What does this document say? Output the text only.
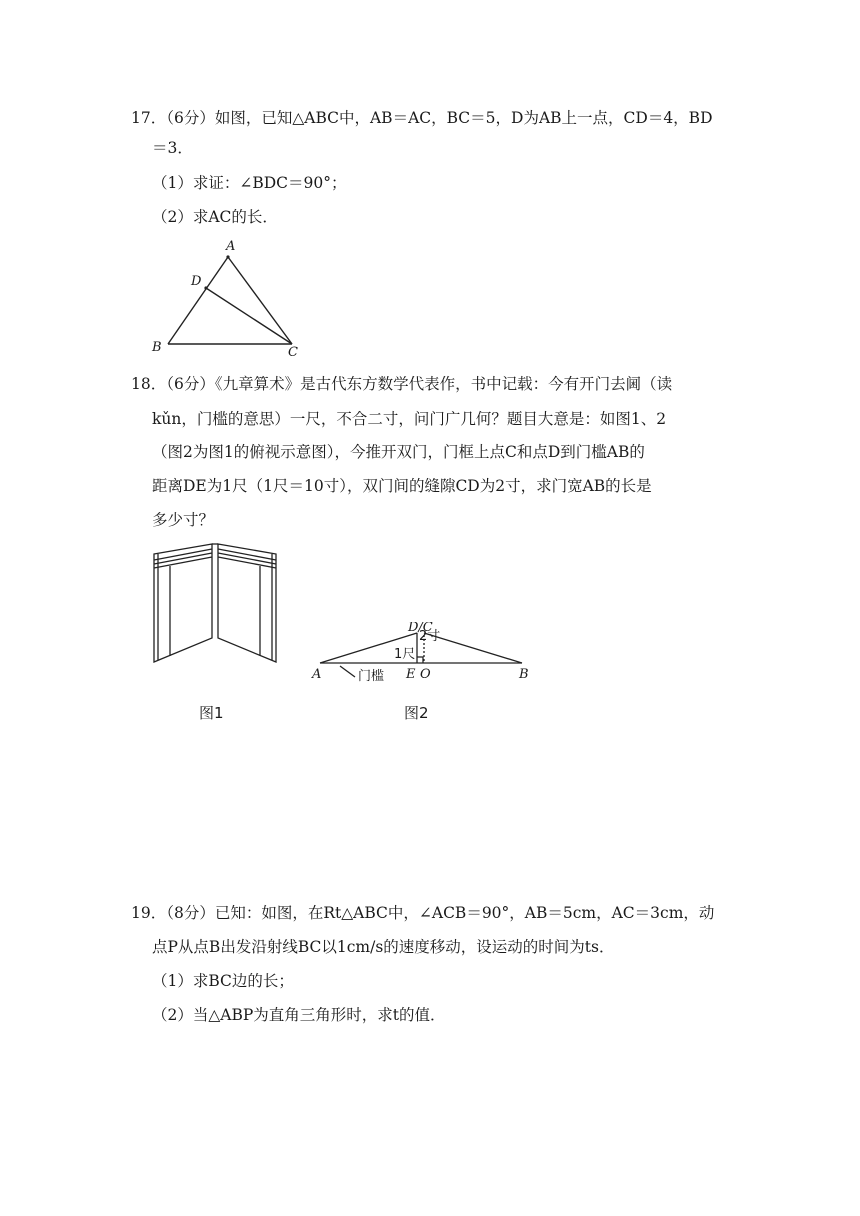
17．（6分）如图，已知△ABC中，AB＝AC，BC＝5，D为AB上一点，CD＝4，BD
＝3．
（1）求证：∠BDC＝90°；
（2）求AC的长．
A
D
B	C
18．（6分）《九章算术》是古代东方数学代表作，书中记载：今有开门去阃（读
kǔn，门槛的意思）一尺，不合二寸，问门广几何？题目大意是：如图1、2
（图2为图1的俯视示意图），今推开双门，门框上点C和点D到门槛AB的
距离DE为1尺（1尺＝10寸），双门间的缝隙CD为2寸，求门宽AB的长是
多少寸？
图1
2寸
D/C
1尺
A	门槛 E O	B
图2
19．（8分）已知：如图，在Rt△ABC中，∠ACB＝90°，AB＝5cm，AC＝3cm，动
点P从点B出发沿射线BC以1cm/s的速度移动，设运动的时间为ts．
（1）求BC边的长；
（2）当△ABP为直角三角形时，求t的值．
